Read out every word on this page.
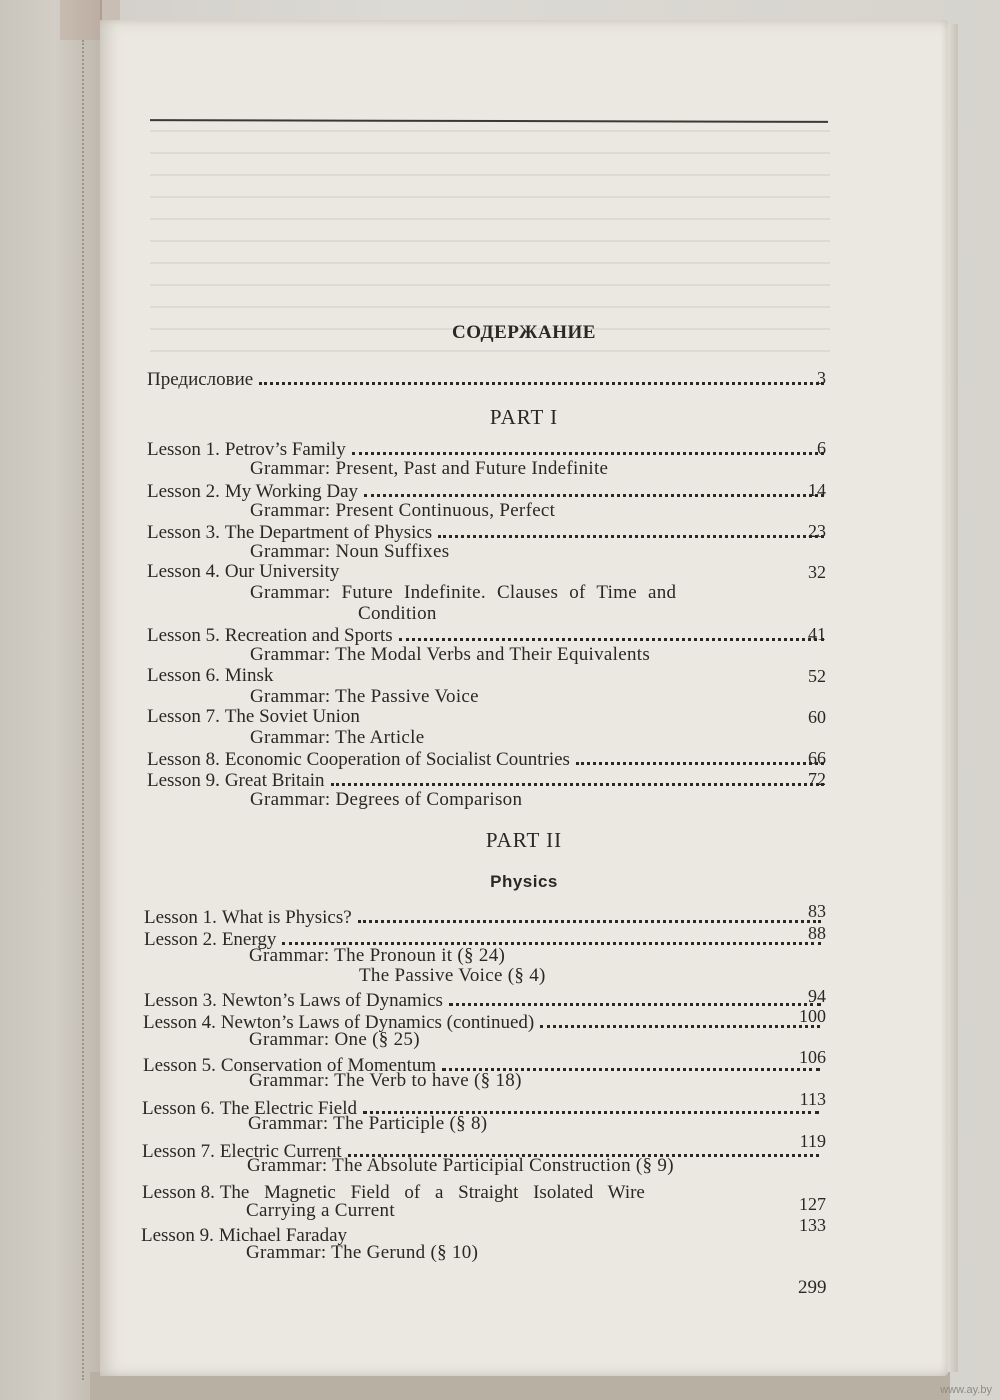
СОДЕРЖАНИЕ
Предисловие	3
PART I
Lesson 1. Petrov’s Family	6
Grammar: Present, Past and Future Indefinite
Lesson 2. My Working Day	14
Grammar: Present Continuous, Perfect
Lesson 3. The Department of Physics	23
Grammar: Noun Suffixes
Lesson 4. Our University	32
Grammar: Future Indefinite. Clauses of Time and
Condition
Lesson 5. Recreation and Sports	41
Grammar: The Modal Verbs and Their Equivalents
Lesson 6. Minsk	52
Grammar: The Passive Voice
Lesson 7. The Soviet Union	60
Grammar: The Article
Lesson 8. Economic Cooperation of Socialist Countries	66
Lesson 9. Great Britain	72
Grammar: Degrees of Comparison
PART II
Physics
Lesson 1. What is Physics?	83
Lesson 2. Energy	88
Grammar: The Pronoun it (§ 24)
The Passive Voice (§ 4)
Lesson 3. Newton’s Laws of Dynamics	94
Lesson 4. Newton’s Laws of Dynamics (continued)	100
Grammar: One (§ 25)
Lesson 5. Conservation of Momentum	106
Grammar: The Verb to have (§ 18)
Lesson 6. The Electric Field	113
Grammar: The Participle (§ 8)
Lesson 7. Electric Current	119
Grammar: The Absolute Participial Construction (§ 9)
Lesson 8. The Magnetic Field of a Straight Isolated Wire
Carrying a Current	127
Lesson 9. Michael Faraday	133
Grammar: The Gerund (§ 10)
299
www.ay.by
